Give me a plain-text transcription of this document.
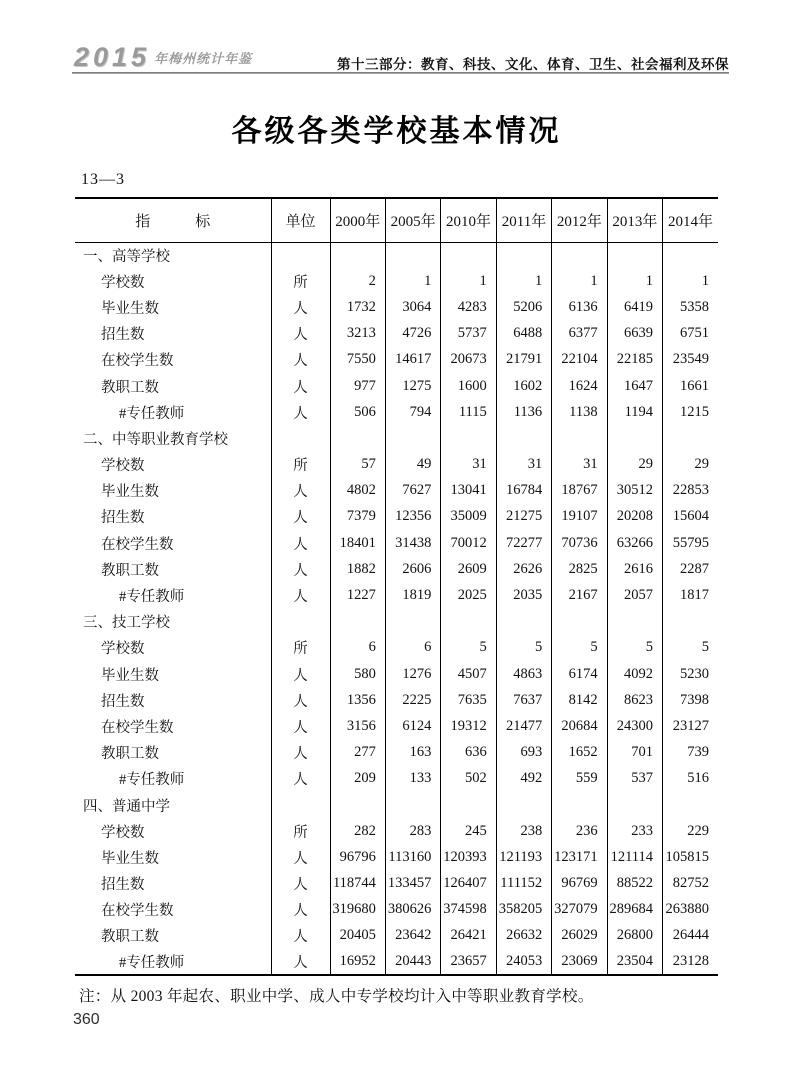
2015 年梅州统计年鉴	第十三部分：教育、科技、文化、体育、卫生、社会福利及环保
各级各类学校基本情况
13—3
指　　　标	单位	2000年	2005年	2010年	2011年	2012年	2013年	2014年
一、高等学校								
学校数	所	2	1	1	1	1	1	1
毕业生数	人	1732	3064	4283	5206	6136	6419	5358
招生数	人	3213	4726	5737	6488	6377	6639	6751
在校学生数	人	7550	14617	20673	21791	22104	22185	23549
教职工数	人	977	1275	1600	1602	1624	1647	1661
#专任教师	人	506	794	1115	1136	1138	1194	1215
二、中等职业教育学校								
学校数	所	57	49	31	31	31	29	29
毕业生数	人	4802	7627	13041	16784	18767	30512	22853
招生数	人	7379	12356	35009	21275	19107	20208	15604
在校学生数	人	18401	31438	70012	72277	70736	63266	55795
教职工数	人	1882	2606	2609	2626	2825	2616	2287
#专任教师	人	1227	1819	2025	2035	2167	2057	1817
三、技工学校								
学校数	所	6	6	5	5	5	5	5
毕业生数	人	580	1276	4507	4863	6174	4092	5230
招生数	人	1356	2225	7635	7637	8142	8623	7398
在校学生数	人	3156	6124	19312	21477	20684	24300	23127
教职工数	人	277	163	636	693	1652	701	739
#专任教师	人	209	133	502	492	559	537	516
四、普通中学								
学校数	所	282	283	245	238	236	233	229
毕业生数	人	96796	113160	120393	121193	123171	121114	105815
招生数	人	118744	133457	126407	111152	96769	88522	82752
在校学生数	人	319680	380626	374598	358205	327079	289684	263880
教职工数	人	20405	23642	26421	26632	26029	26800	26444
#专任教师	人	16952	20443	23657	24053	23069	23504	23128
注：从 2003 年起农、职业中学、成人中专学校均计入中等职业教育学校。
360
